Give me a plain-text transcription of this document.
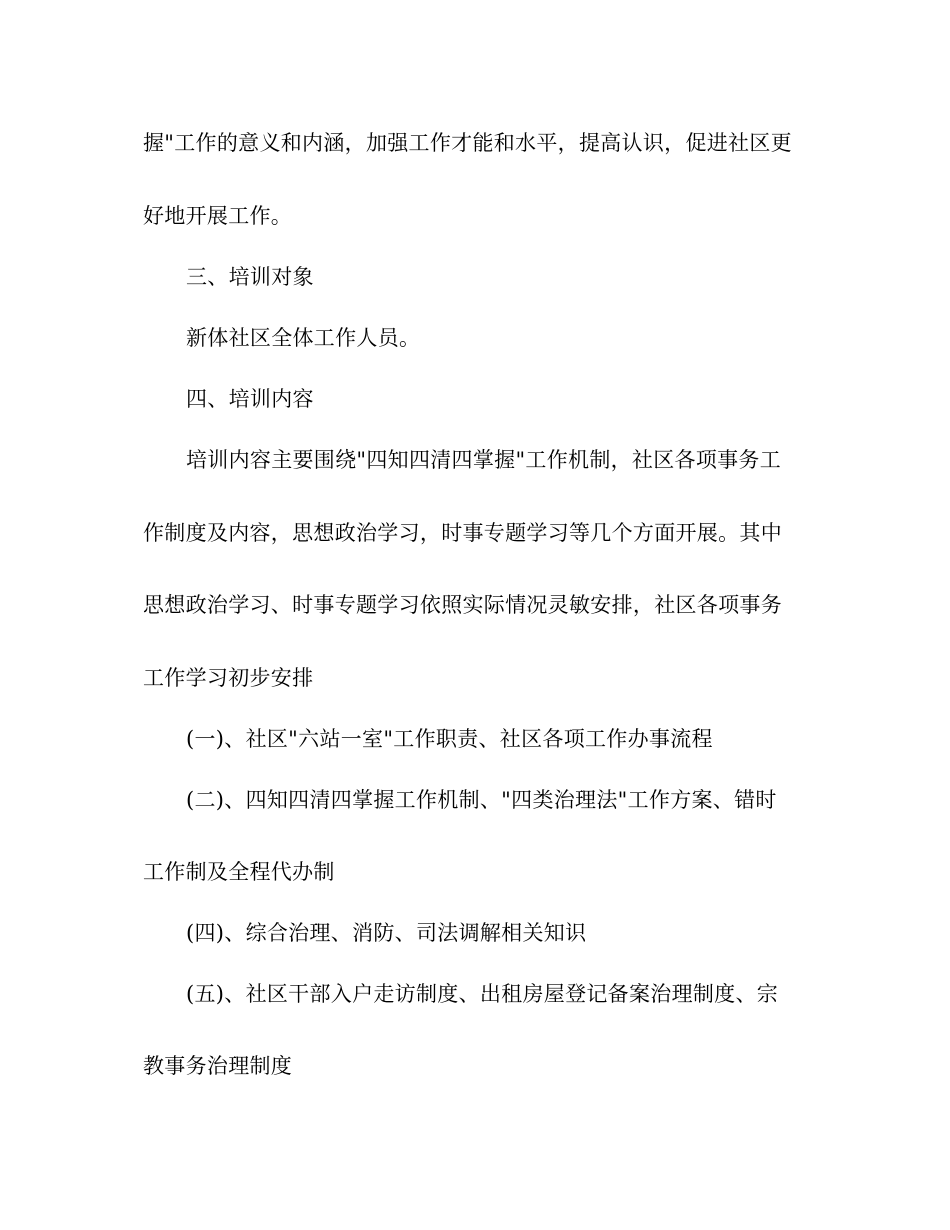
握"工作的意义和内涵，加强工作才能和水平，提高认识，促进社区更
好地开展工作。
三、培训对象
新体社区全体工作人员。
四、培训内容
培训内容主要围绕"四知四清四掌握"工作机制，社区各项事务工
作制度及内容，思想政治学习，时事专题学习等几个方面开展。其中
思想政治学习、时事专题学习依照实际情况灵敏安排，社区各项事务
工作学习初步安排
(一)、社区"六站一室"工作职责、社区各项工作办事流程
(二)、四知四清四掌握工作机制、"四类治理法"工作方案、错时
工作制及全程代办制
(四)、综合治理、消防、司法调解相关知识
(五)、社区干部入户走访制度、出租房屋登记备案治理制度、宗
教事务治理制度
